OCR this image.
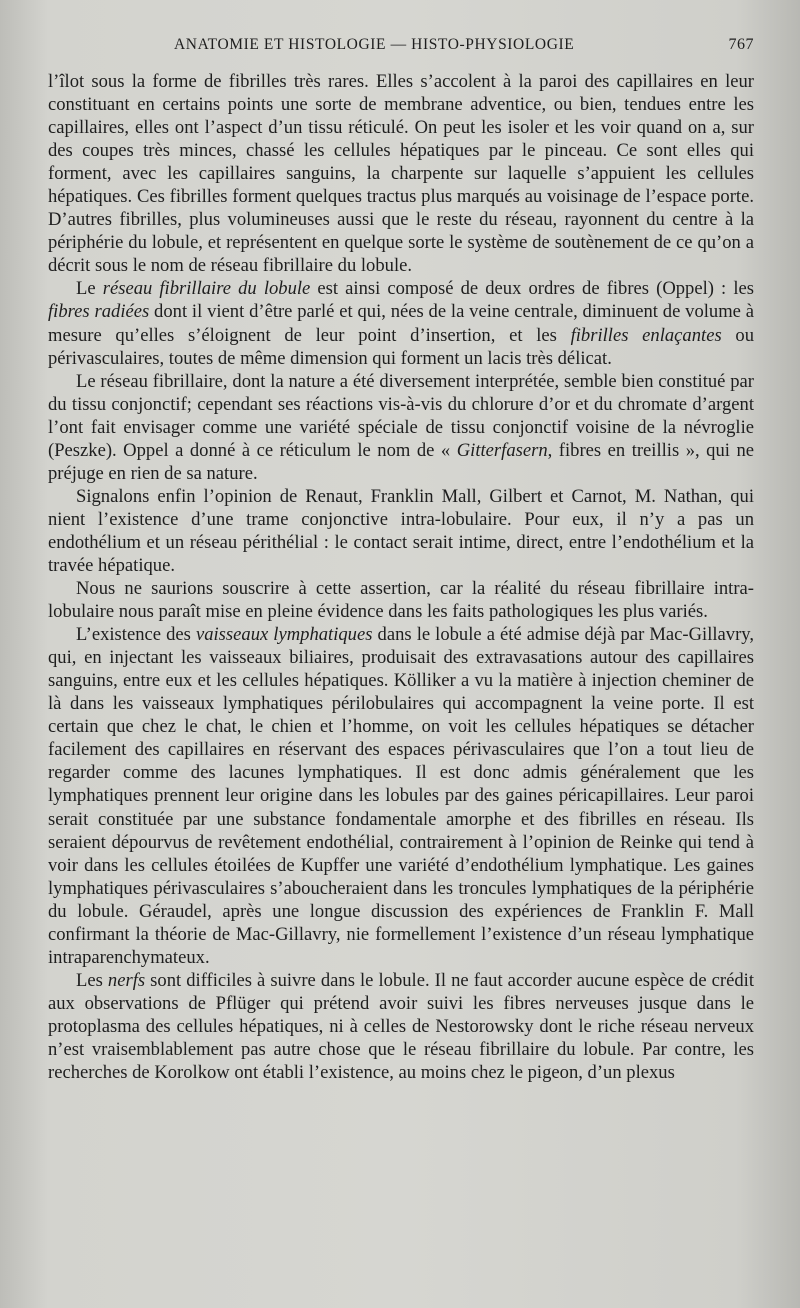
ANATOMIE ET HISTOLOGIE — HISTO-PHYSIOLOGIE	767

l’îlot sous la forme de fibrilles très rares. Elles s’accolent à la paroi des capillaires en leur constituant en certains points une sorte de membrane adventice, ou bien, tendues entre les capillaires, elles ont l’aspect d’un tissu réticulé. On peut les isoler et les voir quand on a, sur des coupes très minces, chassé les cellules hépatiques par le pinceau. Ce sont elles qui forment, avec les capillaires sanguins, la charpente sur laquelle s’appuient les cellules hépatiques. Ces fibrilles forment quelques tractus plus marqués au voisinage de l’espace porte. D’autres fibrilles, plus volumineuses aussi que le reste du réseau, rayonnent du centre à la périphérie du lobule, et représentent en quelque sorte le système de soutènement de ce qu’on a décrit sous le nom de réseau fibrillaire du lobule.

Le réseau fibrillaire du lobule est ainsi composé de deux ordres de fibres (Oppel) : les fibres radiées dont il vient d’être parlé et qui, nées de la veine centrale, diminuent de volume à mesure qu’elles s’éloignent de leur point d’insertion, et les fibrilles enlaçantes ou périvasculaires, toutes de même dimension qui forment un lacis très délicat.

Le réseau fibrillaire, dont la nature a été diversement interprétée, semble bien constitué par du tissu conjonctif; cependant ses réactions vis-à-vis du chlorure d’or et du chromate d’argent l’ont fait envisager comme une variété spéciale de tissu conjonctif voisine de la névroglie (Peszke). Oppel a donné à ce réticulum le nom de « Gitterfasern, fibres en treillis », qui ne préjuge en rien de sa nature.

Signalons enfin l’opinion de Renaut, Franklin Mall, Gilbert et Carnot, M. Nathan, qui nient l’existence d’une trame conjonctive intra-lobulaire. Pour eux, il n’y a pas un endothélium et un réseau périthélial : le contact serait intime, direct, entre l’endothélium et la travée hépatique.

Nous ne saurions souscrire à cette assertion, car la réalité du réseau fibrillaire intra-lobulaire nous paraît mise en pleine évidence dans les faits pathologiques les plus variés.

L’existence des vaisseaux lymphatiques dans le lobule a été admise déjà par Mac-Gillavry, qui, en injectant les vaisseaux biliaires, produisait des extravasations autour des capillaires sanguins, entre eux et les cellules hépatiques. Kölliker a vu la matière à injection cheminer de là dans les vaisseaux lymphatiques périlobulaires qui accompagnent la veine porte. Il est certain que chez le chat, le chien et l’homme, on voit les cellules hépatiques se détacher facilement des capillaires en réservant des espaces périvasculaires que l’on a tout lieu de regarder comme des lacunes lymphatiques. Il est donc admis généralement que les lymphatiques prennent leur origine dans les lobules par des gaines péricapillaires. Leur paroi serait constituée par une substance fondamentale amorphe et des fibrilles en réseau. Ils seraient dépourvus de revêtement endothélial, contrairement à l’opinion de Reinke qui tend à voir dans les cellules étoilées de Kupffer une variété d’endothélium lymphatique. Les gaines lymphatiques périvasculaires s’aboucheraient dans les troncules lymphatiques de la périphérie du lobule. Géraudel, après une longue discussion des expériences de Franklin F. Mall confirmant la théorie de Mac-Gillavry, nie formellement l’existence d’un réseau lymphatique intraparenchymateux.

Les nerfs sont difficiles à suivre dans le lobule. Il ne faut accorder aucune espèce de crédit aux observations de Pflüger qui prétend avoir suivi les fibres nerveuses jusque dans le protoplasma des cellules hépatiques, ni à celles de Nestorowsky dont le riche réseau nerveux n’est vraisemblablement pas autre chose que le réseau fibrillaire du lobule. Par contre, les recherches de Korolkow ont établi l’existence, au moins chez le pigeon, d’un plexus
